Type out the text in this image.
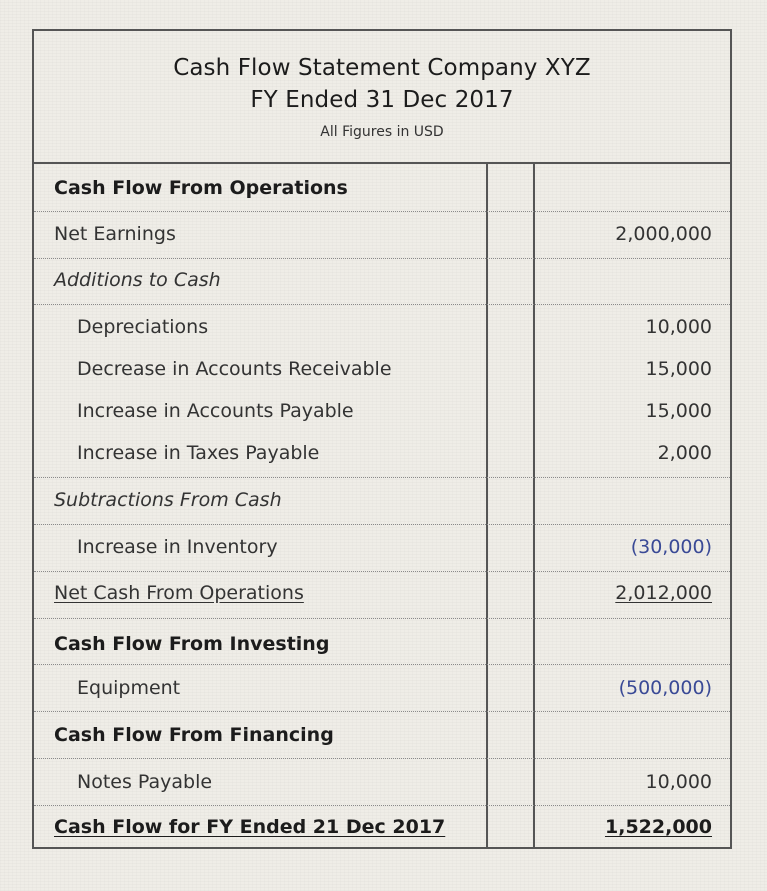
Cash Flow Statement Company XYZ
FY Ended 31 Dec 2017
All Figures in USD
Cash Flow From Operations
Net Earnings	2,000,000
Additions to Cash
Depreciations	10,000
Decrease in Accounts Receivable	15,000
Increase in Accounts Payable	15,000
Increase in Taxes Payable	2,000
Subtractions From Cash
Increase in Inventory	(30,000)
Net Cash From Operations	2,012,000
Cash Flow From Investing
Equipment	(500,000)
Cash Flow From Financing
Notes Payable	10,000
Cash Flow for FY Ended 21 Dec 2017	1,522,000
